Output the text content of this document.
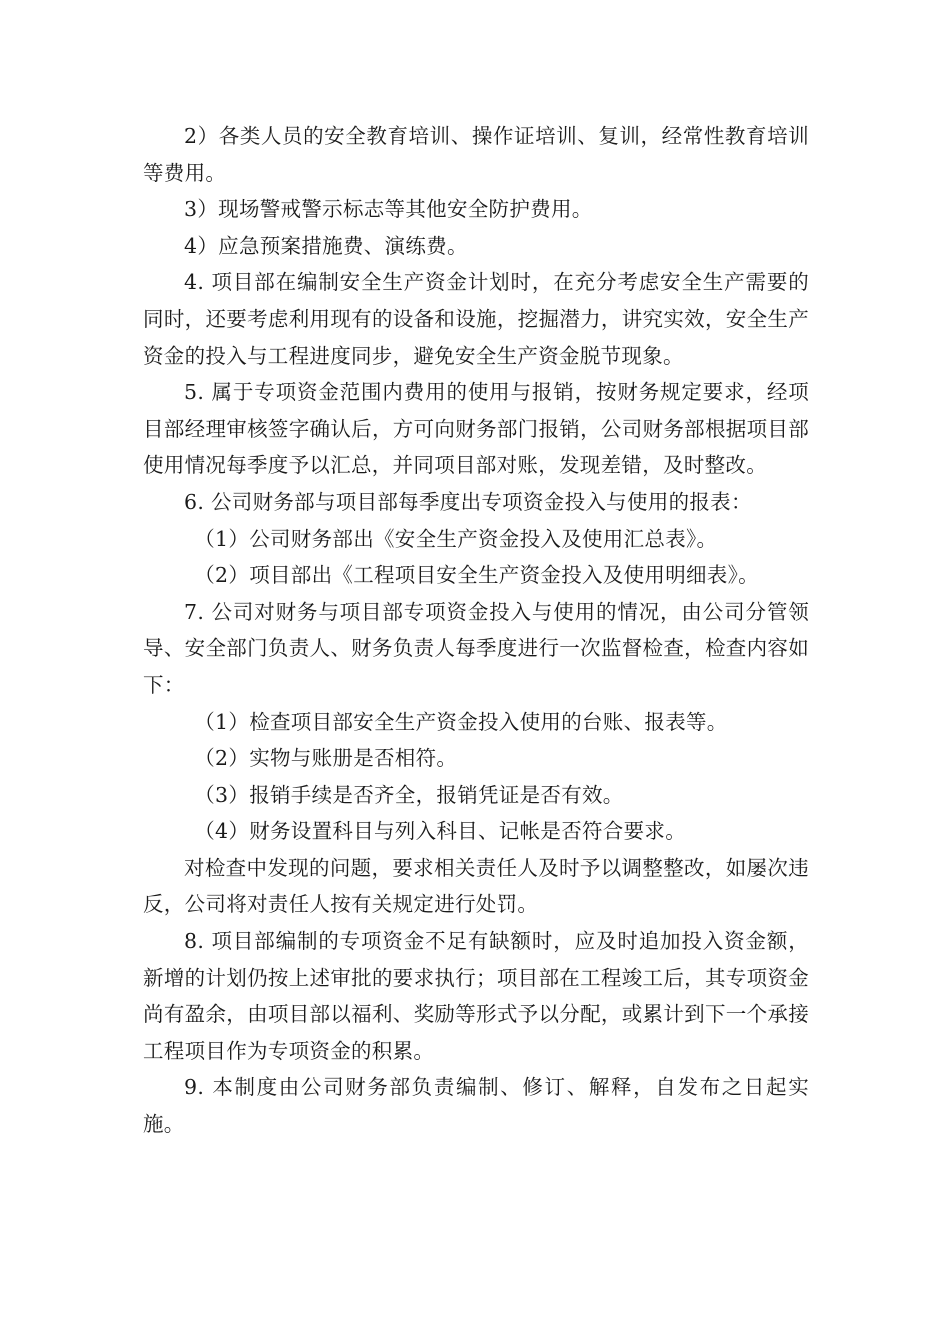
2）各类人员的安全教育培训、操作证培训、复训，经常性教育培训等费用。

3）现场警戒警示标志等其他安全防护费用。

4）应急预案措施费、演练费。

4. 项目部在编制安全生产资金计划时，在充分考虑安全生产需要的同时，还要考虑利用现有的设备和设施，挖掘潜力，讲究实效，安全生产资金的投入与工程进度同步，避免安全生产资金脱节现象。

5. 属于专项资金范围内费用的使用与报销，按财务规定要求，经项目部经理审核签字确认后，方可向财务部门报销，公司财务部根据项目部使用情况每季度予以汇总，并同项目部对账，发现差错，及时整改。

6. 公司财务部与项目部每季度出专项资金投入与使用的报表：

（1）公司财务部出《安全生产资金投入及使用汇总表》。

（2）项目部出《工程项目安全生产资金投入及使用明细表》。

7. 公司对财务与项目部专项资金投入与使用的情况，由公司分管领导、安全部门负责人、财务负责人每季度进行一次监督检查，检查内容如下：

（1）检查项目部安全生产资金投入使用的台账、报表等。

（2）实物与账册是否相符。

（3）报销手续是否齐全，报销凭证是否有效。

（4）财务设置科目与列入科目、记帐是否符合要求。

对检查中发现的问题，要求相关责任人及时予以调整整改，如屡次违反，公司将对责任人按有关规定进行处罚。

8. 项目部编制的专项资金不足有缺额时，应及时追加投入资金额，新增的计划仍按上述审批的要求执行；项目部在工程竣工后，其专项资金尚有盈余，由项目部以福利、奖励等形式予以分配，或累计到下一个承接工程项目作为专项资金的积累。

9. 本制度由公司财务部负责编制、修订、解释，自发布之日起实施。
